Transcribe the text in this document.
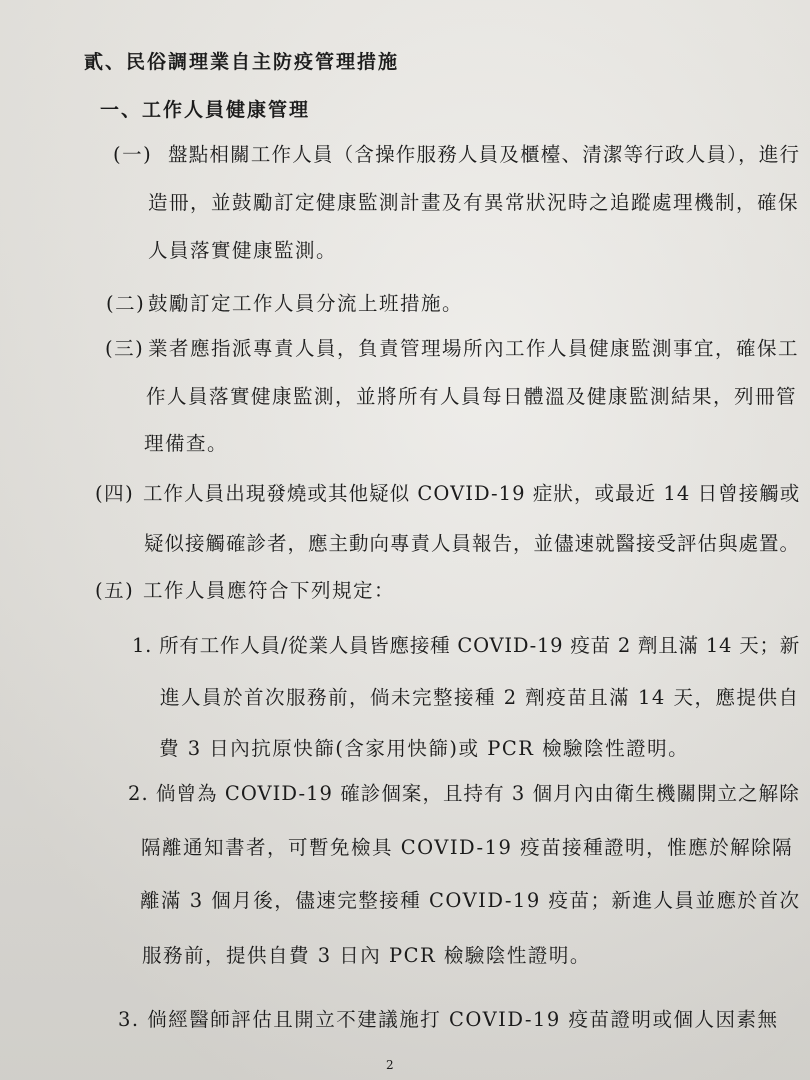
貳、民俗調理業自主防疫管理措施
一、工作人員健康管理
(一) 盤點相關工作人員（含操作服務人員及櫃檯、清潔等行政人員），進行
造冊，並鼓勵訂定健康監測計畫及有異常狀況時之追蹤處理機制，確保
人員落實健康監測。
(二) 鼓勵訂定工作人員分流上班措施。
(三) 業者應指派專責人員，負責管理場所內工作人員健康監測事宜，確保工
作人員落實健康監測，並將所有人員每日體溫及健康監測結果，列冊管
理備查。
(四) 工作人員出現發燒或其他疑似 COVID-19 症狀，或最近 14 日曾接觸或
疑似接觸確診者，應主動向專責人員報告，並儘速就醫接受評估與處置。
(五) 工作人員應符合下列規定：
1. 所有工作人員/從業人員皆應接種 COVID-19 疫苗 2 劑且滿 14 天；新
進人員於首次服務前，倘未完整接種 2 劑疫苗且滿 14 天，應提供自
費 3 日內抗原快篩(含家用快篩)或 PCR 檢驗陰性證明。
2. 倘曾為 COVID-19 確診個案，且持有 3 個月內由衛生機關開立之解除
隔離通知書者，可暫免檢具 COVID-19 疫苗接種證明，惟應於解除隔
離滿 3 個月後，儘速完整接種 COVID-19 疫苗；新進人員並應於首次
服務前，提供自費 3 日內 PCR 檢驗陰性證明。
3. 倘經醫師評估且開立不建議施打 COVID-19 疫苗證明或個人因素無
2
